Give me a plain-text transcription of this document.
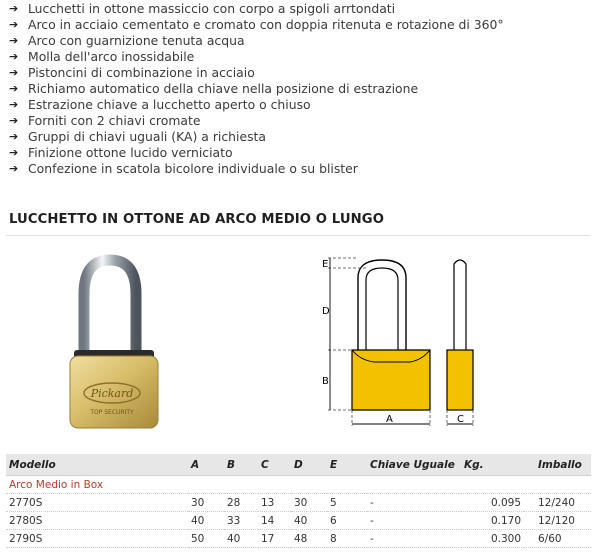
➔ Lucchetti in ottone massiccio con corpo a spigoli arrtondati
➔ Arco in acciaio cementato e cromato con doppia ritenuta e rotazione di 360°
➔ Arco con guarnizione tenuta acqua
➔ Molla dell'arco inossidabile
➔ Pistoncini di combinazione in acciaio
➔ Richiamo automatico della chiave nella posizione di estrazione
➔ Estrazione chiave a lucchetto aperto o chiuso
➔ Forniti con 2 chiavi cromate
➔ Gruppi di chiavi uguali (KA) a richiesta
➔ Finizione ottone lucido verniciato
➔ Confezione in scatola bicolore individuale o su blister
LUCCHETTO IN OTTONE AD ARCO MEDIO O LUNGO
Pickard
TOP SECURITY
E
D
B
A	C
Modello	A	B	C	D	E	Chiave Uguale	Kg.	Imballo
Arco Medio in Box								
2770S	30	28	13	30	5	-	0.095	12/240
2780S	40	33	14	40	6	-	0.170	12/120
2790S	50	40	17	48	8	-	0.300	6/60
